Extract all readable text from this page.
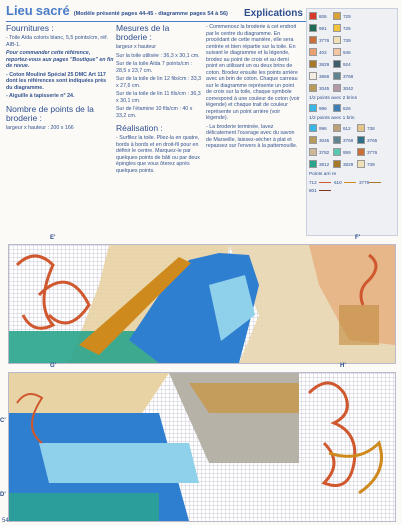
Lieu sacré (Modèle présenté pages 44-45 - diagramme pages 54 à 56) Explications
Fournitures :

- Toile Aïda coloris blanc, 5,5 points/cm, réf. AIB-1.

Pour commander cette référence, reportez-vous aux pages "Boutique" en fin de revue.

- Coton Mouliné Spécial 25 DMC Art 117 dont les références sont indiquées près du diagramme.

- Aiguille à tapisserie n° 24.

Nombre de points de la broderie :

largeur x hauteur : 200 x 166

Mesures de la broderie :

largeur x hauteur

Sur la toile utilisée : 36,3 x 30,1 cm.

Sur de la toile Aïda 7 points/cm : 28,5 x 23,7 cm.

Sur de la toile de lin 12 fils/cm : 33,3 x 27,6 cm.

Sur de la toile de lin 11 fils/cm : 36,3 x 30,1 cm.

Sur de l'étamine 10 fils/cm : 40 x 33,2 cm.

Réalisation :

- Surfilez la toile. Pliez-la en quatre, bords à bords et en droit-fil pour en définir le centre. Marquez-le par quelques points de bâti ou par deux épingles que vous ôterez après quelques points.

- Commencez la broderie à cet endroit par le centre du diagramme. En procédant de cette manière, elle sera centrée et bien répartie sur la toile. En suivant le diagramme et la légende, brodez au point de croix et au demi point en utilisant un ou deux brins de coton. Brodez ensuite les points arrière avec un brin de coton. Chaque carreau sur le diagramme représente un point de croix sur la toile, chaque symbole correspond à une couleur de coton (voir légende) et chaque trait de couleur représente un point arrière (voir légende).

- La broderie terminée, lavez délicatement l'ouvrage avec du savon de Marseille, laissez-sécher à plat et repassez sur l'envers à la pattemouille.

606	729
991	725
3776	739
402	945
3829	924
3866	3768
3045	3042
1/2 points avec 2 brins
996	826
1/2 points avec 1 brin
996	612	738
3045	3768	3765
3782	959	3776
3812	3829	739
Points arri re
712	610	3776
801
E'	F'
G'	H'
C'
D'
54
